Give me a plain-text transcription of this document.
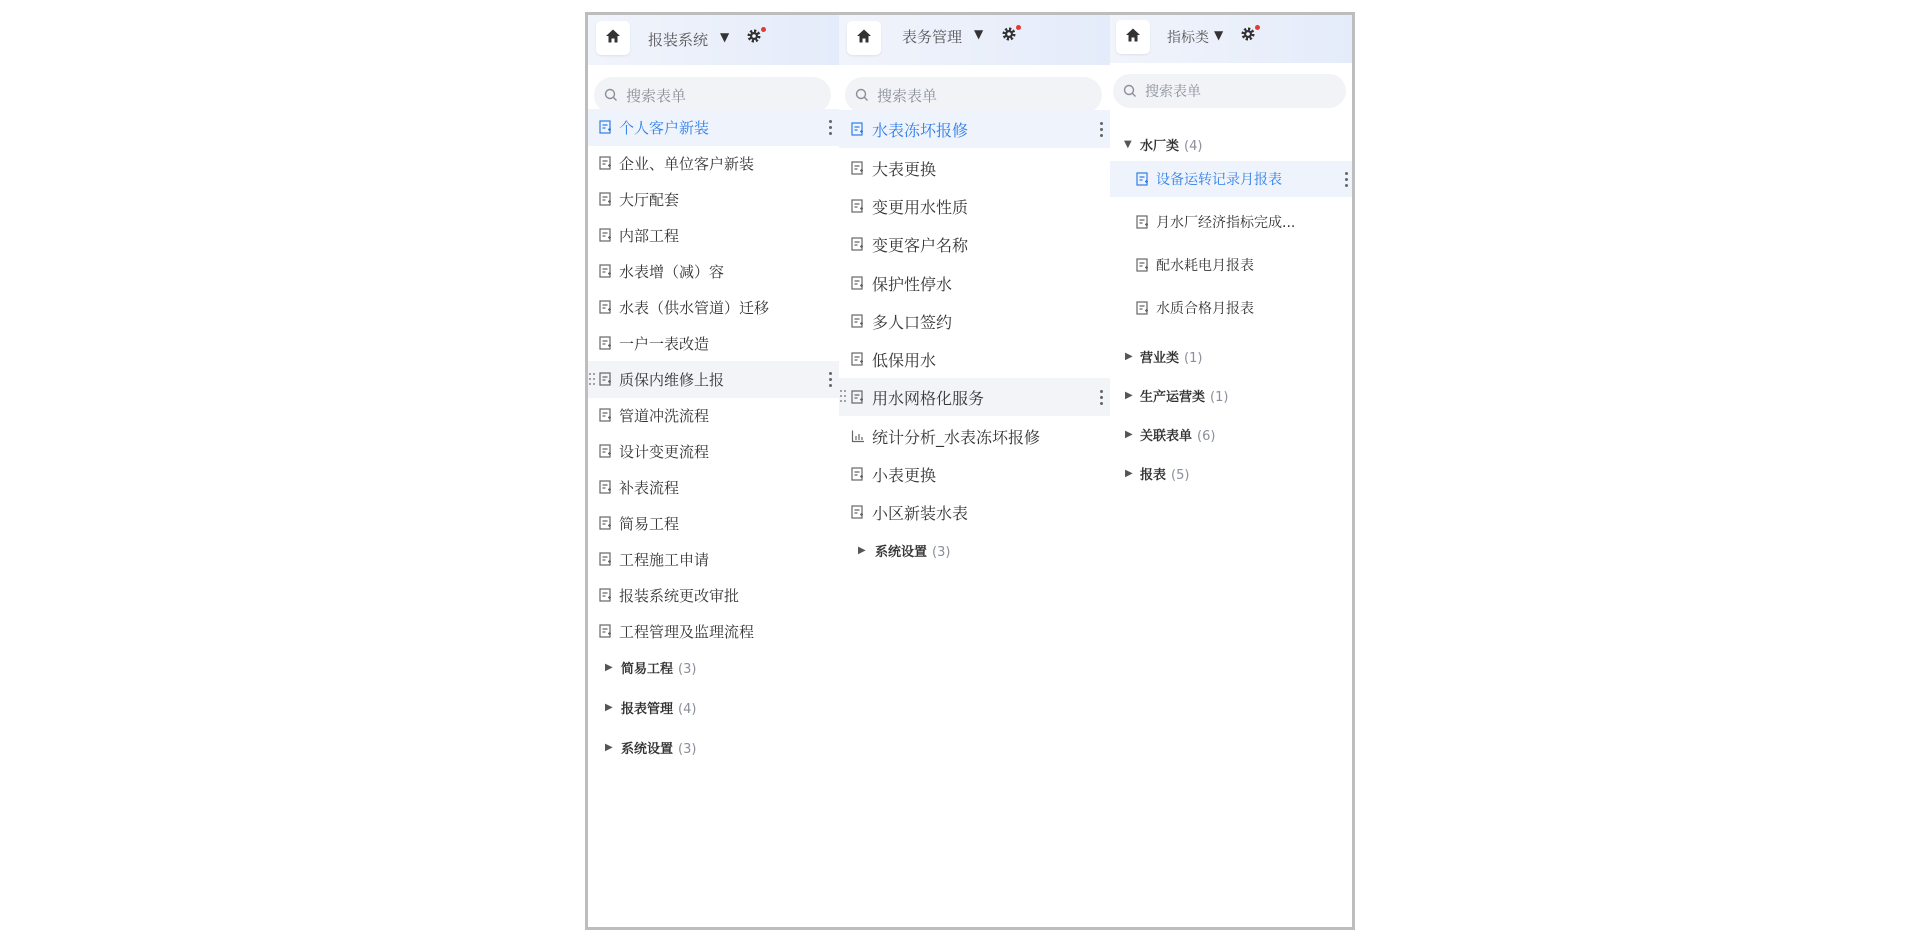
报装系统 ▼
搜索表单
个人客户新装
企业、单位客户新装
大厅配套
内部工程
水表增（减）容
水表（供水管道）迁移
一户一表改造
质保内维修上报
管道冲洗流程
设计变更流程
补表流程
简易工程
工程施工申请
报装系统更改审批
工程管理及监理流程
▶ 简易工程 (3)
▶ 报表管理 (4)
▶ 系统设置 (3)
表务管理 ▼
搜索表单
水表冻坏报修
大表更换
变更用水性质
变更客户名称
保护性停水
多人口签约
低保用水
用水网格化服务
统计分析_水表冻坏报修
小表更换
小区新装水表
▶ 系统设置 (3)
指标类 ▼
搜索表单
▼ 水厂类 (4)
设备运转记录月报表
月水厂经济指标完成...
配水耗电月报表
水质合格月报表
▶ 营业类 (1)
▶ 生产运营类 (1)
▶ 关联表单 (6)
▶ 报表 (5)
